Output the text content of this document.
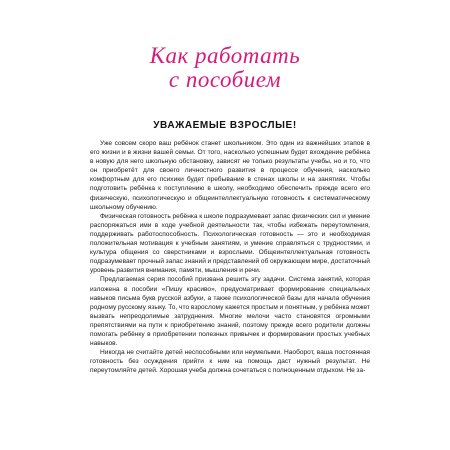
Как работать
с пособием
УВАЖАЕМЫЕ ВЗРОСЛЫЕ!

Уже совсем скоро ваш ребёнок станет школьником. Это один из важнейших этапов в его жизни и в жизни вашей семьи. От того, насколько успешным будет вхождение ребёнка в новую для него школьную обстановку, зависят не только результаты учебы, но и то, что он приобретёт для своего личностного развития в процессе обучения, насколько комфортным для его психики будет пребывание в стенах школы и на занятиях. Чтобы подготовить ребёнка к поступлению в школу, необходимо обеспечить прежде всего его физическую, психологическую и общеинтеллектуальную готовность к систематическому школьному обучению.

Физическая готовность ребёнка к школе подразумевает запас физических сил и умение распоряжаться ими в ходе учебной деятельности так, чтобы избежать переутомления, поддерживать работоспособность. Психологическая готовность — это и необходимая положительная мотивация к учебным занятиям, и умение справляться с трудностями, и культура общения со сверстниками и взрослыми. Общеинтеллектуальная готовность подразумевает прочный запас знаний и представлений об окружающем мире, достаточный уровень развития внимания, памяти, мышления и речи.

Предлагаемая серия пособий призвана решить эту задачи. Система занятий, которая изложена в пособии «Пишу красиво», предусматривает формирование специальных навыков письма букв русской азбуки, а также психологической базы для начала обучения родному русскому языку. То, что взрослому кажется простым и понятным, у ребёнка может вызвать непреодолимые затруднения. Многие мелочи часто становятся огромными препятствиями на пути к приобретению знаний, поэтому прежде всего родители должны помогать ребёнку в приобретении полезных привычек и формировании простых учебных навыков.

Никогда не считайте детей неспособными или неумелыми. Наоборот, ваша постоянная готовность без осуждения прийти к ним на помощь даст нужный результат. Не переутомляйте детей. Хорошая учеба должна сочетаться с полноценным отдыхом. Не за-
